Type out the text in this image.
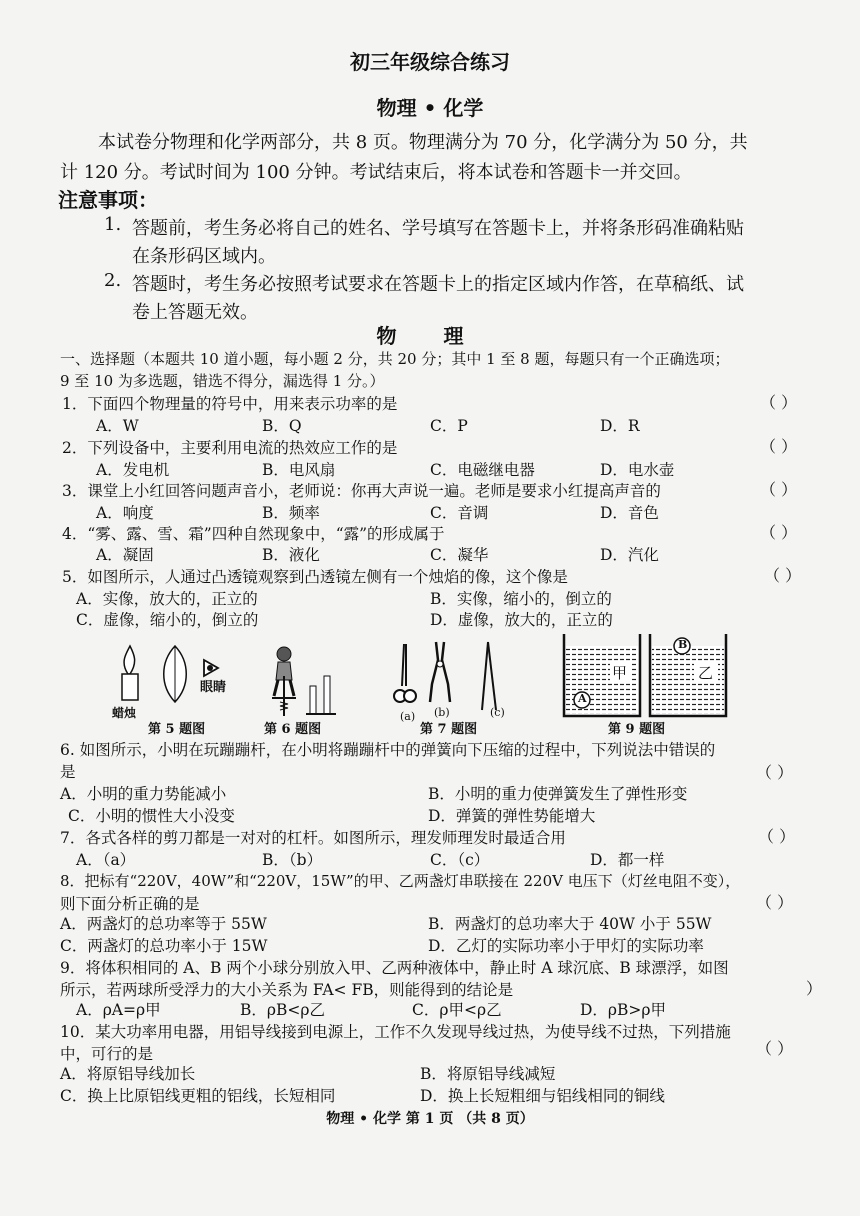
初三年级综合练习
物理 • 化学
本试卷分物理和化学两部分，共 8 页。物理满分为 70 分，化学满分为 50 分，共
计 120 分。考试时间为 100 分钟。考试结束后，将本试卷和答题卡一并交回。
注意事项：
1. 答题前，考生务必将自己的姓名、学号填写在答题卡上，并将条形码准确粘贴
在条形码区域内。
2. 答题时，考生务必按照考试要求在答题卡上的指定区域内作答，在草稿纸、试
卷上答题无效。
物 理
一、选择题（本题共 10 道小题，每小题 2 分，共 20 分；其中 1 至 8 题，每题只有一个正确选项；
9 至 10 为多选题，错选不得分，漏选得 1 分。）
1．下面四个物理量的符号中，用来表示功率的是	（ ）
A．W	B．Q	C．P	D．R
2．下列设备中，主要利用电流的热效应工作的是	（ ）
A．发电机	B．电风扇	C．电磁继电器	D．电水壶
3．课堂上小红回答问题声音小，老师说：你再大声说一遍。老师是要求小红提高声音的	（ ）
A．响度	B．频率	C．音调	D．音色
4．“雾、露、雪、霜”四种自然现象中，“露”的形成属于	（ ）
A．凝固	B．液化	C．凝华	D．汽化
5．如图所示，人通过凸透镜观察到凸透镜左侧有一个烛焰的像，这个像是	（ ）
A．实像，放大的，正立的	B．实像，缩小的，倒立的
C．虚像，缩小的，倒立的	D．虚像，放大的，正立的
眼睛
蜡烛
第 5 题图	第 6 题图
(a) (b)	(c)
第 7 题图
A
B
甲	乙
第 9 题图
6. 如图所示，小明在玩蹦蹦杆，在小明将蹦蹦杆中的弹簧向下压缩的过程中，下列说法中错误的
是	（ ）
A．小明的重力势能减小	B．小明的重力使弹簧发生了弹性形变
C．小明的惯性大小没变	D．弹簧的弹性势能增大
7．各式各样的剪刀都是一对对的杠杆。如图所示，理发师理发时最适合用	（ ）
A．（a）	B．（b）	C．（c）	D．都一样
8．把标有“220V，40W”和“220V，15W”的甲、乙两盏灯串联接在 220V 电压下（灯丝电阻不变），
则下面分析正确的是	（ ）
A．两盏灯的总功率等于 55W	B．两盏灯的总功率大于 40W 小于 55W
C．两盏灯的总功率小于 15W	D．乙灯的实际功率小于甲灯的实际功率
9．将体积相同的 A、B 两个小球分别放入甲、乙两种液体中，静止时 A 球沉底、B 球漂浮，如图
所示，若两球所受浮力的大小关系为 FA< FB，则能得到的结论是	）
A．ρA=ρ甲	B．ρB<ρ乙	C．ρ甲<ρ乙	D．ρB>ρ甲
10．某大功率用电器，用铝导线接到电源上，工作不久发现导线过热，为使导线不过热，下列措施
中，可行的是	（ ）
A．将原铝导线加长	B．将原铝导线减短
C．换上比原铝线更粗的铝线，长短相同	D．换上长短粗细与铝线相同的铜线
物理 • 化学 第 1 页 （共 8 页）
